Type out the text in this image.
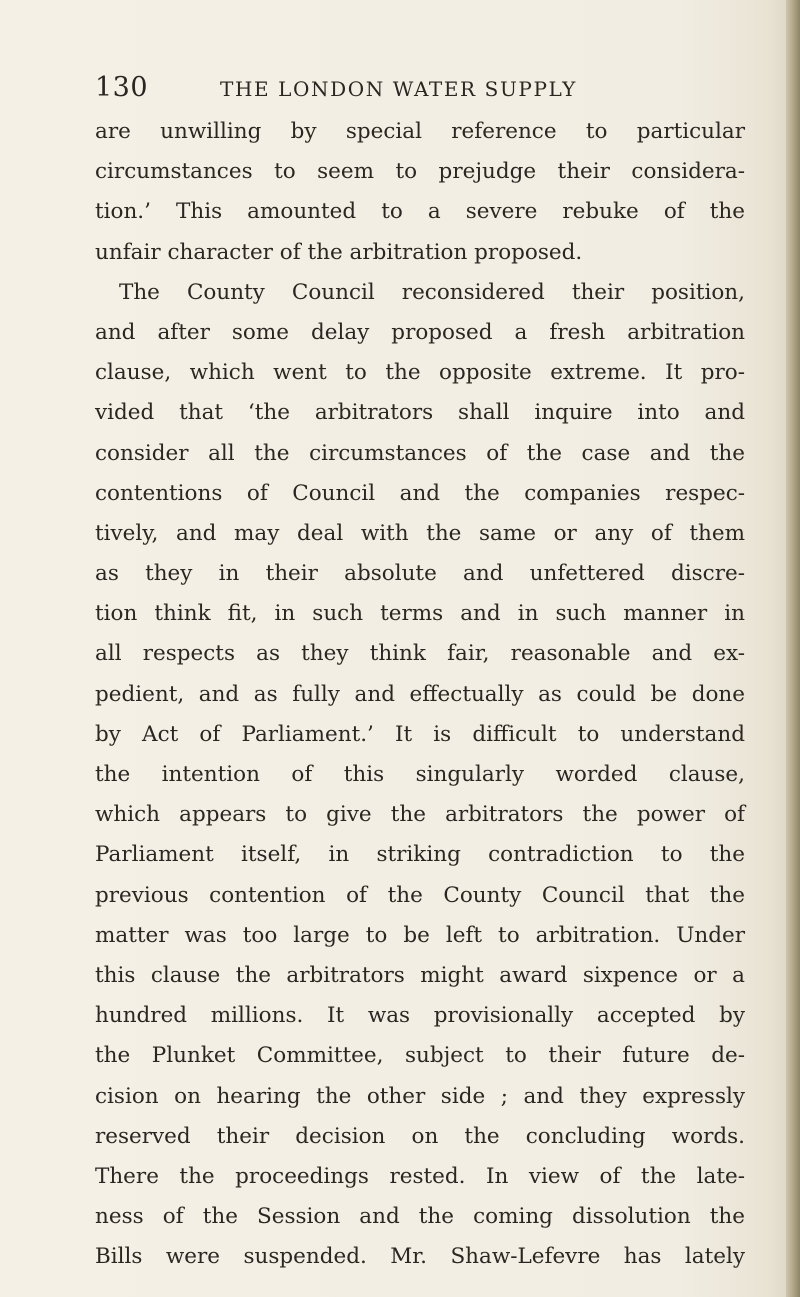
130	THE LONDON WATER SUPPLY
are unwilling by special reference to particular
circumstances to seem to prejudge their considera-
tion.’ This amounted to a severe rebuke of the
unfair character of the arbitration proposed.
The County Council reconsidered their position,
and after some delay proposed a fresh arbitration
clause, which went to the opposite extreme. It pro-
vided that ‘the arbitrators shall inquire into and
consider all the circumstances of the case and the
contentions of Council and the companies respec-
tively, and may deal with the same or any of them
as they in their absolute and unfettered discre-
tion think fit, in such terms and in such manner in
all respects as they think fair, reasonable and ex-
pedient, and as fully and effectually as could be done
by Act of Parliament.’ It is difficult to understand
the intention of this singularly worded clause,
which appears to give the arbitrators the power of
Parliament itself, in striking contradiction to the
previous contention of the County Council that the
matter was too large to be left to arbitration. Under
this clause the arbitrators might award sixpence or a
hundred millions. It was provisionally accepted by
the Plunket Committee, subject to their future de-
cision on hearing the other side ; and they expressly
reserved their decision on the concluding words.
There the proceedings rested. In view of the late-
ness of the Session and the coming dissolution the
Bills were suspended. Mr. Shaw-Lefevre has lately
